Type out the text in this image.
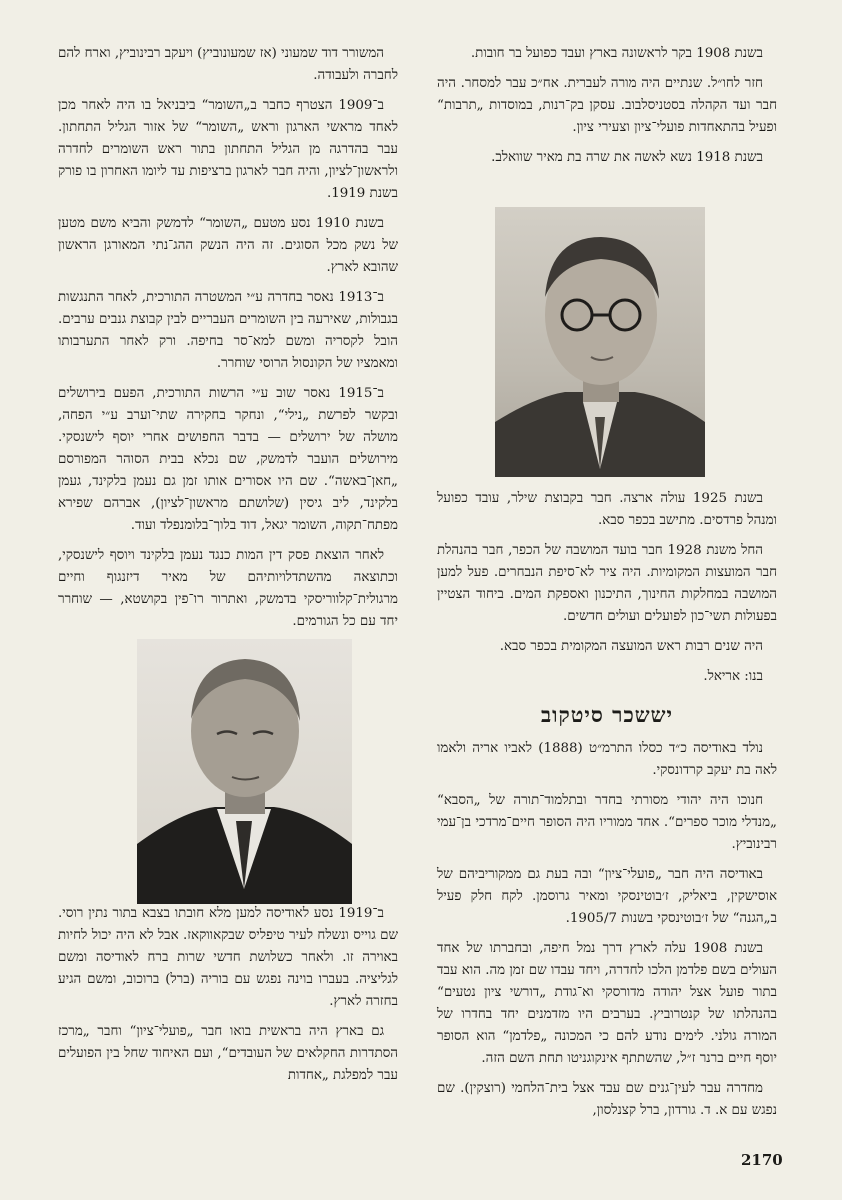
בשנת 1908 בקר לראשונה בארץ ועבד כפועל בר חובות.

חזר לחו״ל. שנתיים היה מורה לעברית. אח״כ עבר למסחר. היה חבר ועד הקהלה בסטניסלבוב. עסקן בק־רנות, במוסדות „תרבות“ ופעיל בהתאחדות פועלי־ציון וצעירי ציון.

בשנת 1918 נשא לאשה את שרה בת מאיר שוואלב.

בשנת 1925 עולה ארצה. חבר בקבוצת שילר, עובד כפועל ומנהל פרדסים. מתישב בכפר סבא.

החל משנת 1928 חבר בועד המושבה של הכפר, חבר בהנהלת חבר המועצות המקומיות. היה ציר לא־סיפת הנבחרים. פעל למען המושבה במחלקות החינוך, התיכנון ואספקת המים. ביחוד הצטיין בפעולות תשי־כון לפועלים ועולים חדשים.

היה שנים רבות ראש המועצה המקומית בכפר סבא.

בנו: אריאל.

יששכר סיטקוב

נולד באודיסה כ״ד כסלו התרמ״ט (1888) לאביו אריה ולאמו לאה בת יעקב קרדונסקי.

חנוכו היה יהודי מסורתי בחדר ובתלמוד־תורה של „הסבא“ „מנדלי מוכר ספרים“. אחד ממוריו היה הסופר חיים־מרדכי בן־עמי רבינוביץ.

באודיסה היה חבר „פועלי־ציון“ ובה בעת גם ממקוריביהם של אוסישקין, ביאליק, ז׳בוטינסקי ומאיר גרוסמן. לקח חלק פעיל ב„הגנה“ של ז׳בוטינסקי בשנות 1905/7.

בשנת 1908 עלה לארץ דרך נמל חיפה, ובחברתו של אחד העולים בשם פלדמן הלכו לחדרה, ויחד עבדו שם זמן מה. הוא עבד בתור פועל אצל יהודה מדורסקי וא־גודת „דורשי ציון נטעים“ בהנהלתו של קנטרוביץ. בערבים היו מזדמנים יחד בחדרו של המורה גולני. לימים נודע להם כי המכונה „פלדמן“ הוא הסופר יוסף חיים ברנר ז״ל, שהשתתף אינקוגניטו תחת השם הזה.

מחדרה עבר לעין־גנים שם עבד אצל בית־הלחמי (רוצקין). שם נפגש עם א. ד. גורדון, ברל קצנלסון,

המשורר דוד שמעוני (אז שמעונוביץ) ויעקב רבינוביץ, וארח להם לחברה ולעבודה.

ב־1909 הצטרף כחבר ב„השומר“ ביבניאל בו היה לאחר מכן לאחד מראשי הארגון וראש „השומר“ של אזור הגליל התחתון. עבר בהדרגה מן הגליל התחתון בתור ראש השומרים לחדרה ולראשון־לציון, והיה חבר לארגון ברציפות עד ליומו האחרון בו פורק בשנת 1919.

בשנת 1910 נסע מטעם „השומר“ לדמשק והביא משם מטען של נשק מכל הסוגים. זה היה הנשק ההג־נתי המאורגן הראשון שהובא לארץ.

ב־1913 נאסר בחדרה ע״י המשטרה התורכית, לאחר התנגשות בגבולות, שאירעה בין השומרים העבריים לבין קבוצת גנבים ערבים. הובל לקסריה ומשם למא־סר בחיפה. ורק לאחר התערבותו ומאמציו של הקונסול הרוסי שוחרר.

ב־1915 נאסר שוב ע״י הרשות התורכית, הפעם בירושלים ובקשר לפרשת „נילי“, ונחקר בחקירה שתי־וערב ע״י הפחה, מושלה של ירושלים — בדבר החפושים אחרי יוסף לישנסקי. מירושלים הועבר לדמשק, שם נכלא בבית הסוהר המפורסם „חאן־באשה“. שם היו אסורים אותו זמן גם נעמן בלקינד, געמן בלקינד, ליב גיסין (שלושתם מראשון־לציון), אברהם שפירא מפתח־תקוה, השומר יגאל, דוד בלוך־בלומנפלד ועוד.

לאחר הוצאת פסק דין המות כנגד נעמן בלקינד ויוסף לישנסקי, וכתוצאה מהשתדלויותיהם של מאיר דיזנגוף וחיים מרגולית־קלווריסקי בדמשק, ואתרור רו־פין בקושטא, — שוחרר יחד עם כל הגורמים.

ב־1919 נסע לאודיסה למען מלא חובתו בצבא בתור נתין רוסי. שם גוייס ונשלח לעיר טיפליס שבקאווקאז. אבל לא היה יכול לחיות באוירה זו. ולאחר כשלושת חדשי שרות ברח לאודיסה ומשם לגליציה. בעברו בוינה נפגש עם בוריה (ברל) ברוכוב, ומשם הגיע בחזרה לארץ.

גם בארץ היה בראשית בואו חבר „פועלי־ציון“ וחבר „מרכז הסתדרות החקלאים של העובדים“, ועם האיחוד שחל בין הפועלים עבר למפלגת „אחדות

2170
